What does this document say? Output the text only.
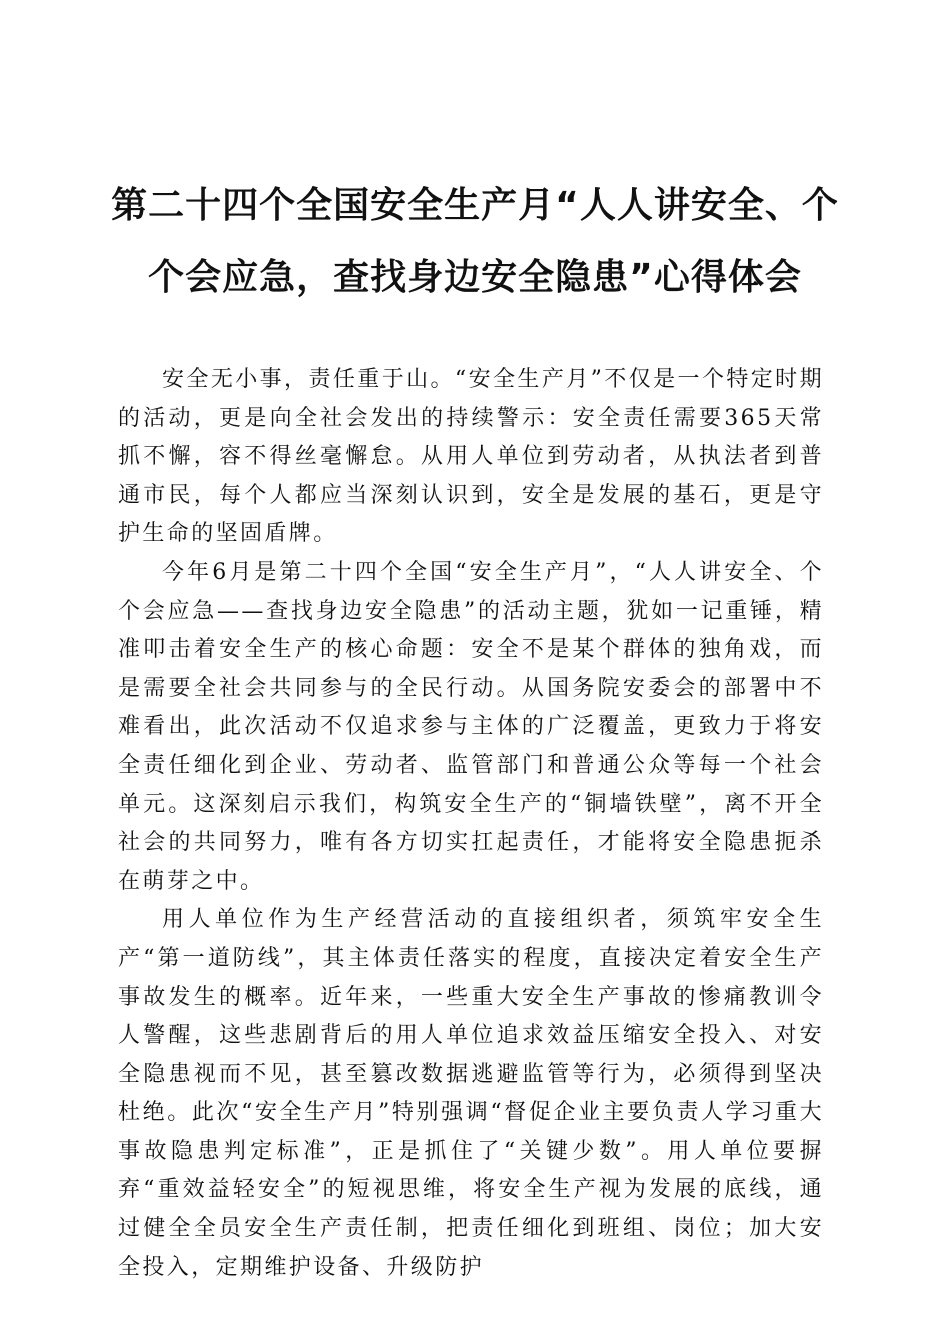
第二十四个全国安全生产月“人人讲安全、个
个会应急，查找身边安全隐患”心得体会

安全无小事，责任重于山。“安全生产月”不仅是一个特定时期的活动，更是向全社会发出的持续警示：安全责任需要365天常抓不懈，容不得丝毫懈怠。从用人单位到劳动者，从执法者到普通市民，每个人都应当深刻认识到，安全是发展的基石，更是守护生命的坚固盾牌。

今年6月是第二十四个全国“安全生产月”，“人人讲安全、个个会应急——查找身边安全隐患”的活动主题，犹如一记重锤，精准叩击着安全生产的核心命题：安全不是某个群体的独角戏，而是需要全社会共同参与的全民行动。从国务院安委会的部署中不难看出，此次活动不仅追求参与主体的广泛覆盖，更致力于将安全责任细化到企业、劳动者、监管部门和普通公众等每一个社会单元。这深刻启示我们，构筑安全生产的“铜墙铁壁”，离不开全社会的共同努力，唯有各方切实扛起责任，才能将安全隐患扼杀在萌芽之中。

用人单位作为生产经营活动的直接组织者，须筑牢安全生产“第一道防线”，其主体责任落实的程度，直接决定着安全生产事故发生的概率。近年来，一些重大安全生产事故的惨痛教训令人警醒，这些悲剧背后的用人单位追求效益压缩安全投入、对安全隐患视而不见，甚至篡改数据逃避监管等行为，必须得到坚决杜绝。此次“安全生产月”特别强调“督促企业主要负责人学习重大事故隐患判定标准”，正是抓住了“关键少数”。用人单位要摒弃“重效益轻安全”的短视思维，将安全生产视为发展的底线，通过健全全员安全生产责任制，把责任细化到班组、岗位；加大安全投入，定期维护设备、升级防护
